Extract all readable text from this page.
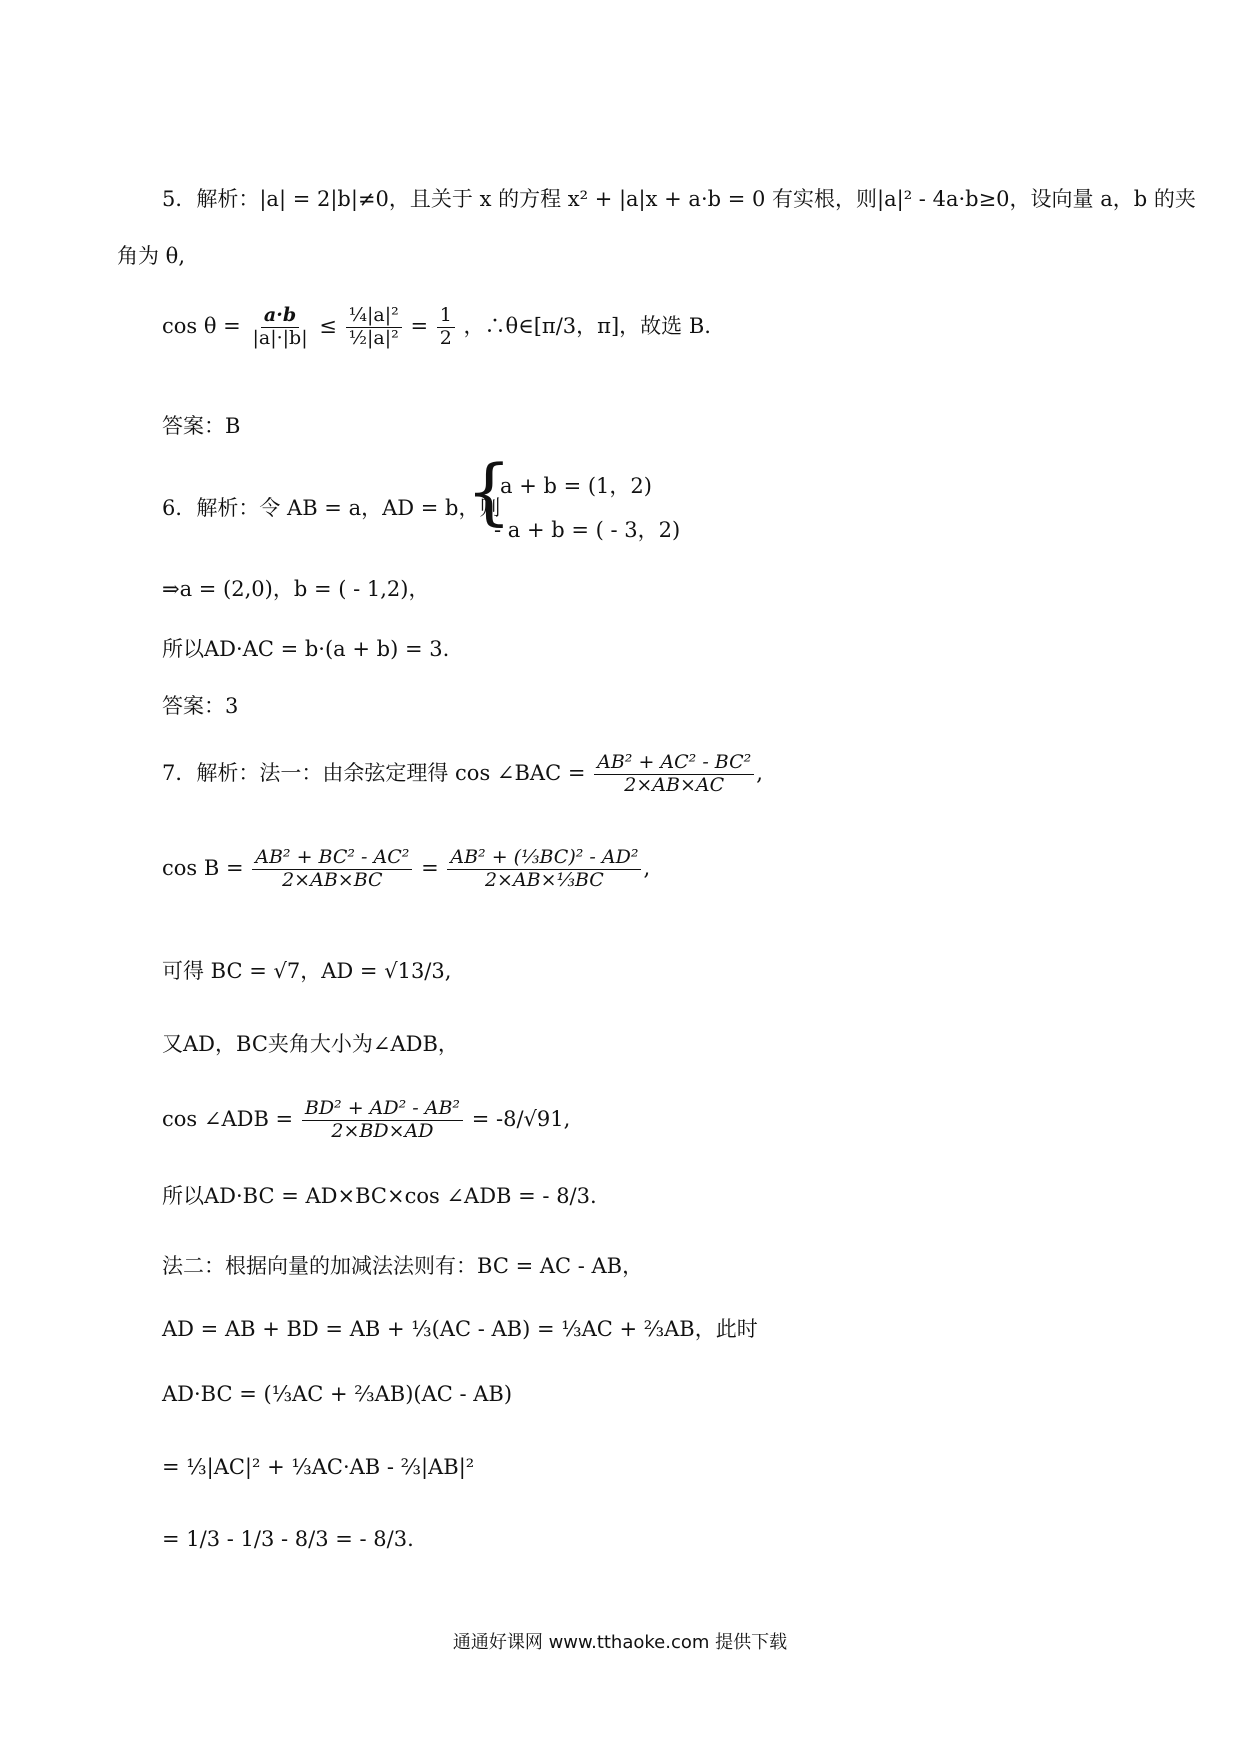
5．解析：|a| = 2|b|≠0，且关于 x 的方程 x² + |a|x + a·b = 0 有实根，则|a|² - 4a·b≥0，设向量 a，b 的夹
角为 θ,
$\cos \theta = \frac{a\cdot b}{|a|\cdot|b|} \le \frac{\text{¼|a|²}}{\text{½|a|²}} = \frac{1}{2}$ ，∴θ∈[π/3，π]，故选 B.
答案：B
6．解析：令 AB = a，AD = b，则
{
a + b = (1，2)
- a + b = ( - 3，2)
⇒a = (2,0)，b = ( - 1,2)，
所以AD·AC = b·(a + b) = 3.
答案：3
7．解析：法一：由余弦定理得 cos ∠BAC = $\frac{\text{AB² + AC² - BC²}}{2\times AB\times AC}$ ,
$\cos B = \frac{\text{AB² + BC² - AC²}}{2\times AB\times BC} = \frac{\text{AB² + (⅓BC)² - AD²}}{\text{2×AB×⅓BC}}$ ,
可得 BC = √7，AD = √13/3,
又AD，BC夹角大小为∠ADB，
cos ∠ADB = $\frac{\text{BD² + AD² - AB²}}{2\times BD\times AD} = -8/√91$,
所以AD·BC = AD×BC×cos ∠ADB = - 8/3.
法二：根据向量的加减法法则有：BC = AC - AB，
AD = AB + BD = AB + ⅓(AC - AB) = ⅓AC + ⅔AB，此时
AD·BC = (⅓AC + ⅔AB)(AC - AB)
= ⅓|AC|² + ⅓AC·AB - ⅔|AB|²
= 1/3 - 1/3 - 8/3 = - 8/3.
通通好课网 www.tthaoke.com 提供下载
